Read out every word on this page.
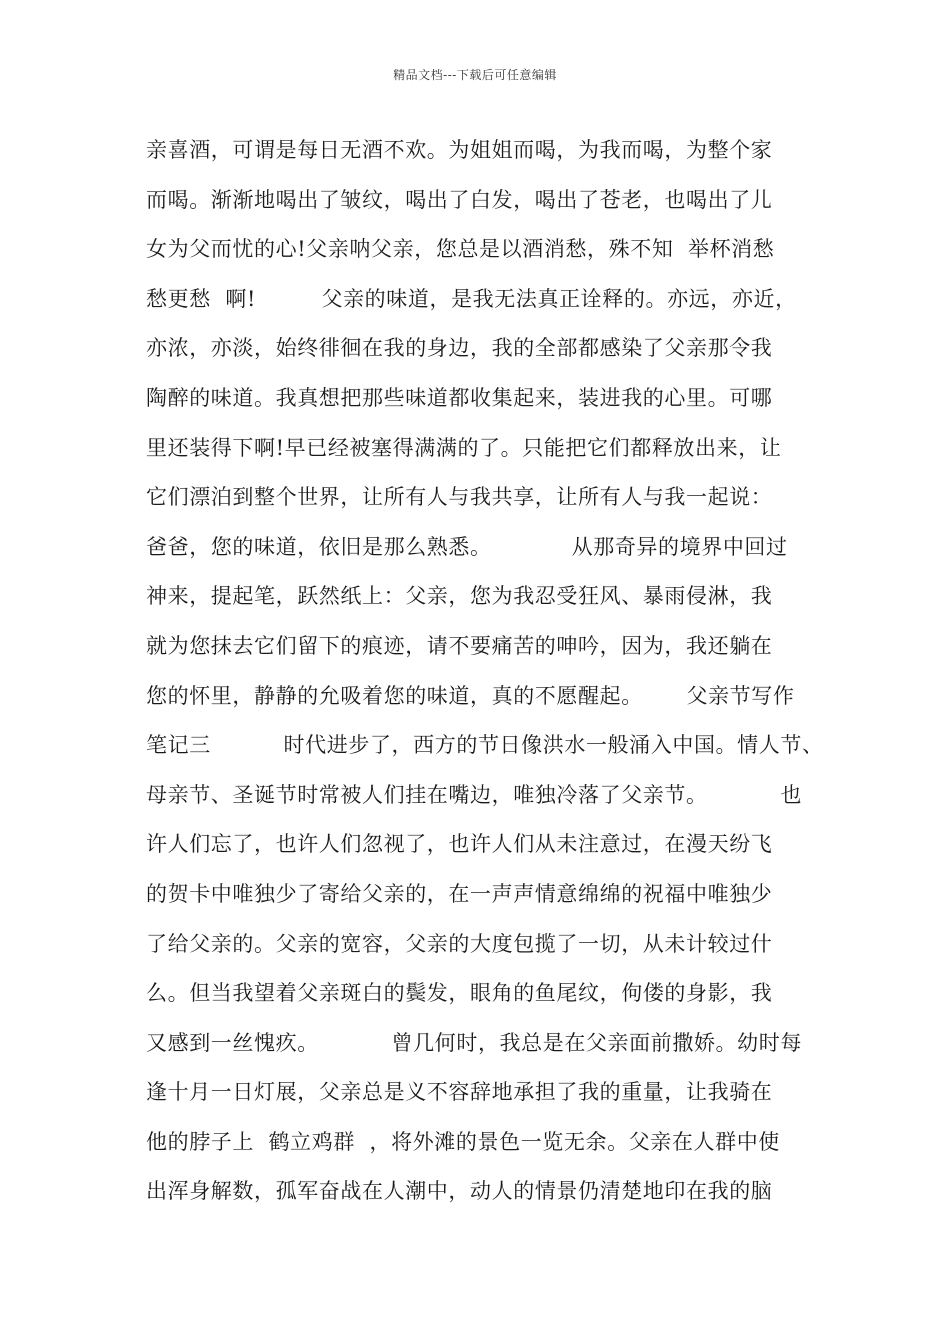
精品文档---下载后可任意编辑
亲喜酒，可谓是每日无酒不欢。为姐姐而喝，为我而喝，为整个家
而喝。渐渐地喝出了皱纹，喝出了白发，喝出了苍老，也喝出了儿
女为父而忧的心!父亲呐父亲，您总是以酒消愁，殊不知  举杯消愁
愁更愁  啊!         父亲的味道，是我无法真正诠释的。亦远，亦近，
亦浓，亦淡，始终徘徊在我的身边，我的全部都感染了父亲那令我
陶醉的味道。我真想把那些味道都收集起来，装进我的心里。可哪
里还装得下啊!早已经被塞得满满的了。只能把它们都释放出来，让
它们漂泊到整个世界，让所有人与我共享，让所有人与我一起说：
爸爸，您的味道，依旧是那么熟悉。           从那奇异的境界中回过
神来，提起笔，跃然纸上：父亲，您为我忍受狂风、暴雨侵淋，我
就为您抹去它们留下的痕迹，请不要痛苦的呻吟，因为，我还躺在
您的怀里，静静的允吸着您的味道，真的不愿醒起。      父亲节写作
笔记三          时代进步了，西方的节日像洪水一般涌入中国。情人节、
母亲节、圣诞节时常被人们挂在嘴边，唯独冷落了父亲节。          也
许人们忘了，也许人们忽视了，也许人们从未注意过，在漫天纷飞
的贺卡中唯独少了寄给父亲的，在一声声情意绵绵的祝福中唯独少
了给父亲的。父亲的宽容，父亲的大度包揽了一切，从未计较过什
么。但当我望着父亲斑白的鬓发，眼角的鱼尾纹，佝偻的身影，我
又感到一丝愧疚。          曾几何时，我总是在父亲面前撒娇。幼时每
逢十月一日灯展，父亲总是义不容辞地承担了我的重量，让我骑在
他的脖子上  鹤立鸡群  ，将外滩的景色一览无余。父亲在人群中使
出浑身解数，孤军奋战在人潮中，动人的情景仍清楚地印在我的脑
